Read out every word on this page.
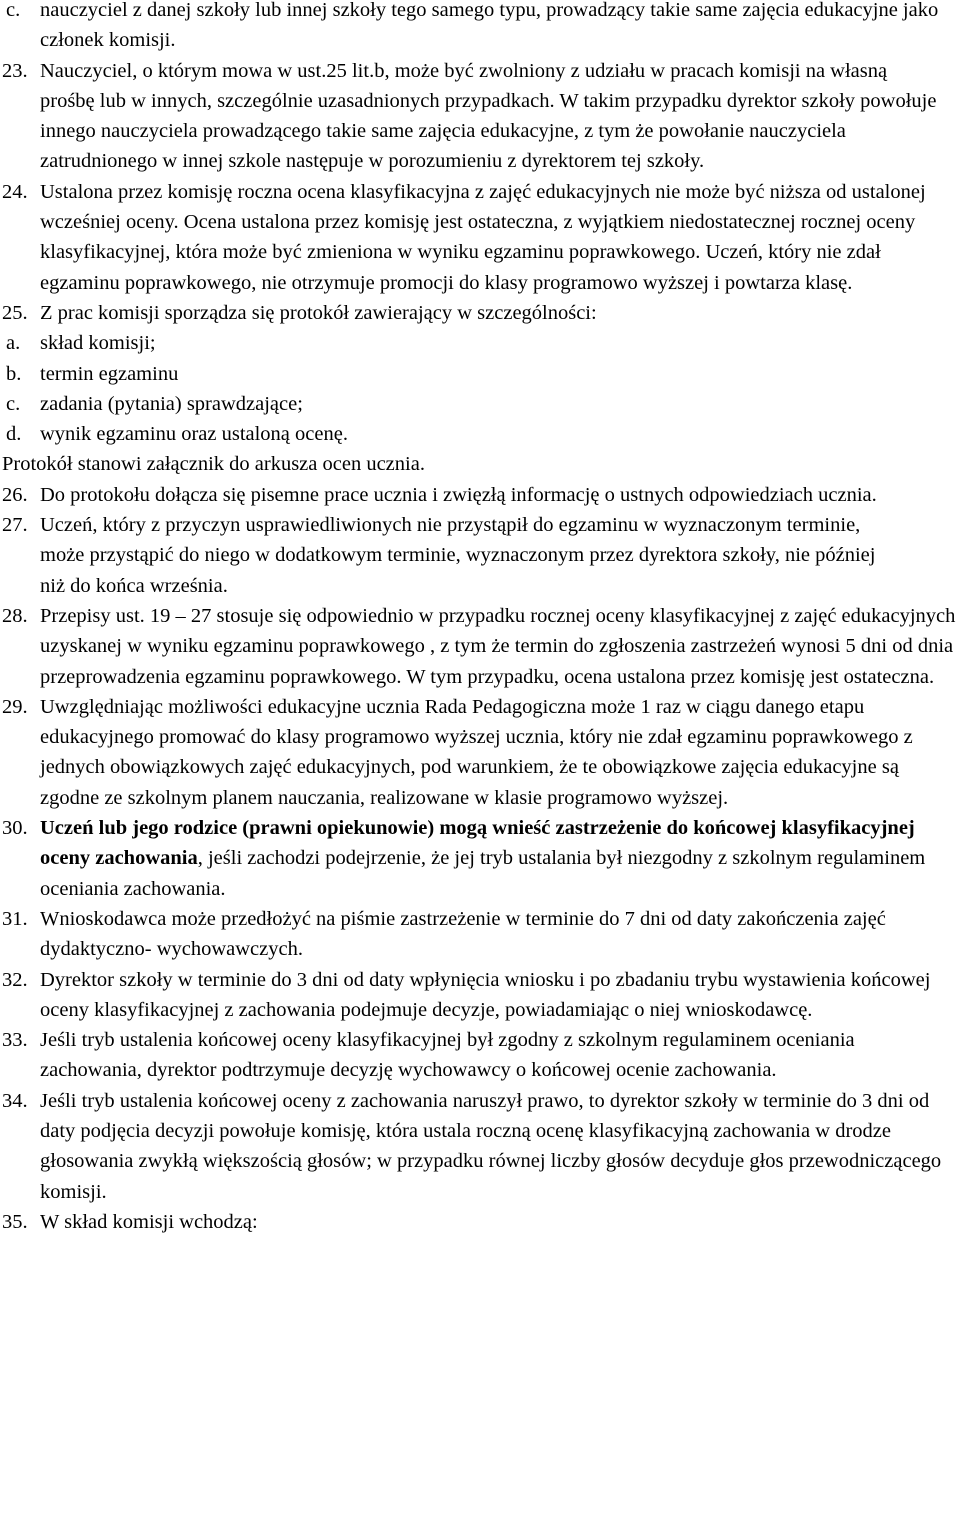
c. nauczyciel z danej szkoły lub innej szkoły tego samego typu, prowadzący takie same zajęcia edukacyjne jako członek komisji.
23. Nauczyciel, o którym mowa w ust.25 lit.b, może być zwolniony z udziału w pracach komisji na własną prośbę lub w innych, szczególnie uzasadnionych przypadkach. W takim przypadku dyrektor szkoły powołuje innego nauczyciela prowadzącego takie same zajęcia edukacyjne, z tym że powołanie nauczyciela zatrudnionego w innej szkole następuje w porozumieniu z dyrektorem tej szkoły.
24. Ustalona przez komisję roczna ocena klasyfikacyjna z zajęć edukacyjnych nie może być niższa od ustalonej wcześniej oceny. Ocena ustalona przez komisję jest ostateczna, z wyjątkiem niedostatecznej rocznej oceny klasyfikacyjnej, która może być zmieniona w wyniku egzaminu poprawkowego. Uczeń, który nie zdał egzaminu poprawkowego, nie otrzymuje promocji do klasy programowo wyższej i powtarza klasę.
25. Z prac komisji sporządza się protokół zawierający w szczególności:
a. skład komisji;
b. termin egzaminu
c. zadania (pytania) sprawdzające;
d. wynik egzaminu oraz ustaloną ocenę.
Protokół stanowi załącznik do arkusza ocen ucznia.
26. Do protokołu dołącza się pisemne prace ucznia i zwięzłą informację o ustnych odpowiedziach ucznia.
27. Uczeń, który z przyczyn usprawiedliwionych nie przystąpił do egzaminu w wyznaczonym terminie, może przystąpić do niego w dodatkowym terminie, wyznaczonym przez dyrektora szkoły, nie później niż do końca września.
28. Przepisy ust. 19 – 27 stosuje się odpowiednio w przypadku rocznej oceny klasyfikacyjnej z zajęć edukacyjnych uzyskanej w wyniku egzaminu poprawkowego , z tym że termin do zgłoszenia zastrzeżeń wynosi 5 dni od dnia przeprowadzenia egzaminu poprawkowego. W tym przypadku, ocena ustalona przez komisję jest ostateczna.
29. Uwzględniając możliwości edukacyjne ucznia Rada Pedagogiczna może 1 raz w ciągu danego etapu edukacyjnego promować do klasy programowo wyższej ucznia, który nie zdał egzaminu poprawkowego z jednych obowiązkowych zajęć edukacyjnych, pod warunkiem, że te obowiązkowe zajęcia edukacyjne są zgodne ze szkolnym planem nauczania, realizowane w klasie programowo wyższej.
30. Uczeń lub jego rodzice (prawni opiekunowie) mogą wnieść zastrzeżenie do końcowej klasyfikacyjnej oceny zachowania, jeśli zachodzi podejrzenie, że jej tryb ustalania był niezgodny z szkolnym regulaminem oceniania zachowania.
31. Wnioskodawca może przedłożyć na piśmie zastrzeżenie w terminie do 7 dni od daty zakończenia zajęć dydaktyczno- wychowawczych.
32. Dyrektor szkoły w terminie do 3 dni od daty wpłynięcia wniosku i po zbadaniu trybu wystawienia końcowej oceny klasyfikacyjnej z zachowania podejmuje decyzje, powiadamiając o niej wnioskodawcę.
33. Jeśli tryb ustalenia końcowej oceny klasyfikacyjnej był zgodny z szkolnym regulaminem oceniania zachowania, dyrektor podtrzymuje decyzję wychowawcy o końcowej ocenie zachowania.
34. Jeśli tryb ustalenia końcowej oceny z zachowania naruszył prawo, to dyrektor szkoły w terminie do 3 dni od daty podjęcia decyzji powołuje komisję, która ustala roczną ocenę klasyfikacyjną zachowania w drodze głosowania zwykłą większością głosów; w przypadku równej liczby głosów decyduje głos przewodniczącego komisji.
35. W skład komisji wchodzą:
